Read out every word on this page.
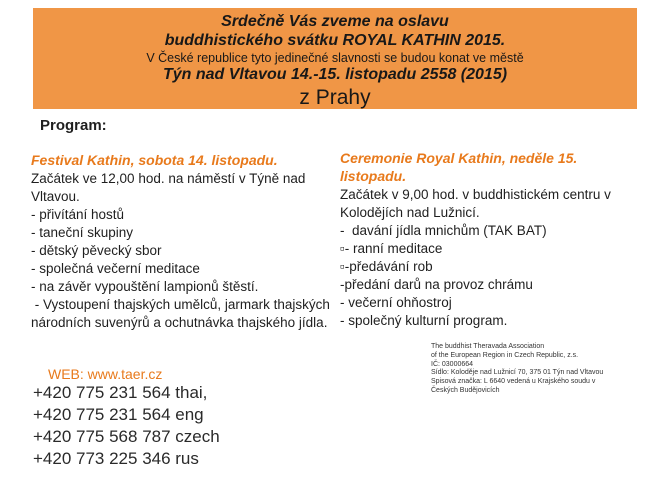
Srdečně Vás zveme na oslavu
buddhistického svátku ROYAL KATHIN 2015.
V České republice tyto jedinečné slavnosti se budou konat ve městě
Týn nad Vltavou 14.-15. listopadu 2558 (2015)
z Prahy
Program:
Festival Kathin, sobota 14. listopadu.
Začátek ve 12,00 hod. na náměstí v Týně nad Vltavou.
- přivítání hostů
- taneční skupiny
- dětský pěvecký sbor
- společná večerní meditace
- na závěr vypouštění lampionů štěstí.
- Vystoupení thajských umělců, jarmark thajských národních suvenýrů a ochutnávka thajského jídla.
Ceremonie Royal Kathin, neděle 15. listopadu.
Začátek v 9,00 hod. v buddhistickém centru v Kolodějích nad Lužnicí.
-  davání jídla mnichům (TAK BAT)
▫- ranní meditace
▫-předávání rob
-předání darů na provoz chrámu
- večerní ohňostroj
- společný kulturní program.
WEB: www.taer.cz
+420 775 231 564 thai,
+420 775 231 564 eng
+420 775 568 787 czech
+420 773 225 346 rus
The buddhist Theravada Association
of the European Region in Czech Republic, z.s.
IČ: 03000664
Sídlo: Koloděje nad Lužnicí 70, 375 01 Týn nad Vltavou
Spisová značka: L 6640 vedená u Krajského soudu v
Českých Budějovicích
